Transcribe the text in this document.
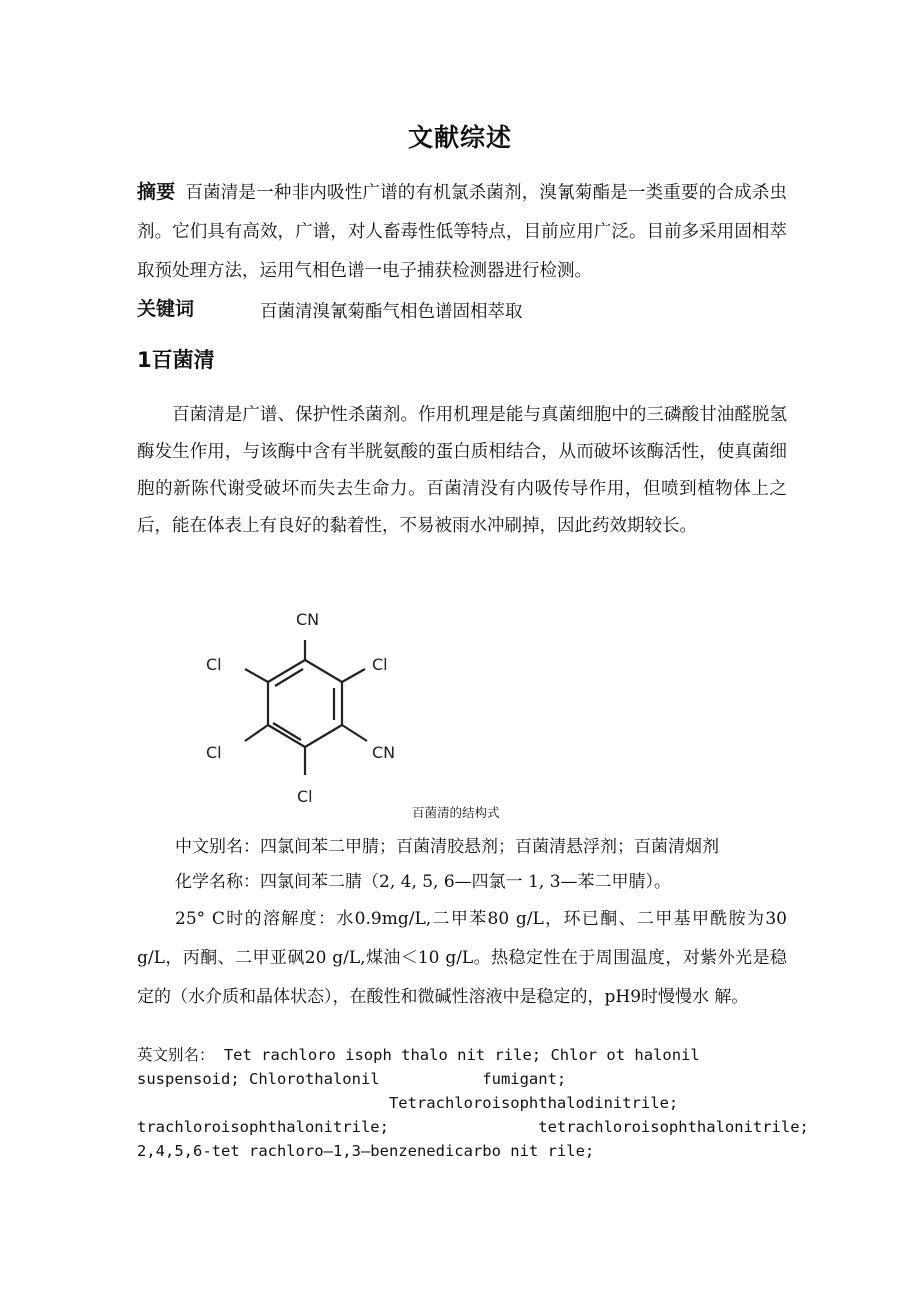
文献综述
摘要 百菌清是一种非内吸性广谱的有机氯杀菌剂，溴氰菊酯是一类重要的合成杀虫剂。它们具有高效，广谱，对人畜毒性低等特点，目前应用广泛。目前多采用固相萃取预处理方法，运用气相色谱一电子捕获检测器进行检测。
关键词	百菌清溴氰菊酯气相色谱固相萃取
1百菌清
百菌清是广谱、保护性杀菌剂。作用机理是能与真菌细胞中的三磷酸甘油醛脱氢酶发生作用，与该酶中含有半胱氨酸的蛋白质相结合，从而破坏该酶活性，使真菌细胞的新陈代谢受破坏而失去生命力。百菌清没有内吸传导作用，但喷到植物体上之后，能在体表上有良好的黏着性，不易被雨水冲刷掉，因此药效期较长。
CN
Cl	Cl
Cl	CN
Cl
百菌清的结构式
中文别名：四氯间苯二甲腈；百菌清胶悬剂；百菌清悬浮剂；百菌清烟剂
化学名称：四氯间苯二腈（2, 4, 5, 6—四氯一 1, 3—苯二甲腈）。
25° C时的溶解度：水0.9mg/L,二甲苯80 g/L，环已酮、二甲基甲酰胺为30 g/L，丙酮、二甲亚砜20 g/L,煤油＜10 g/L。热稳定性在于周围温度，对紫外光是稳定的（水介质和晶体状态），在酸性和微碱性溶液中是稳定的，pH9时慢慢水 解。
英文别名： Tet rachloro isoph thalo nit rile; Chlor ot halonil
suspensoid; Chlorothalonil           fumigant;
Tetrachloroisophthalodinitrile;
trachloroisophthalonitrile;                tetrachloroisophthalonitrile;
2,4,5,6-tet rachloro—1,3—benzenedicarbo nit rile;
